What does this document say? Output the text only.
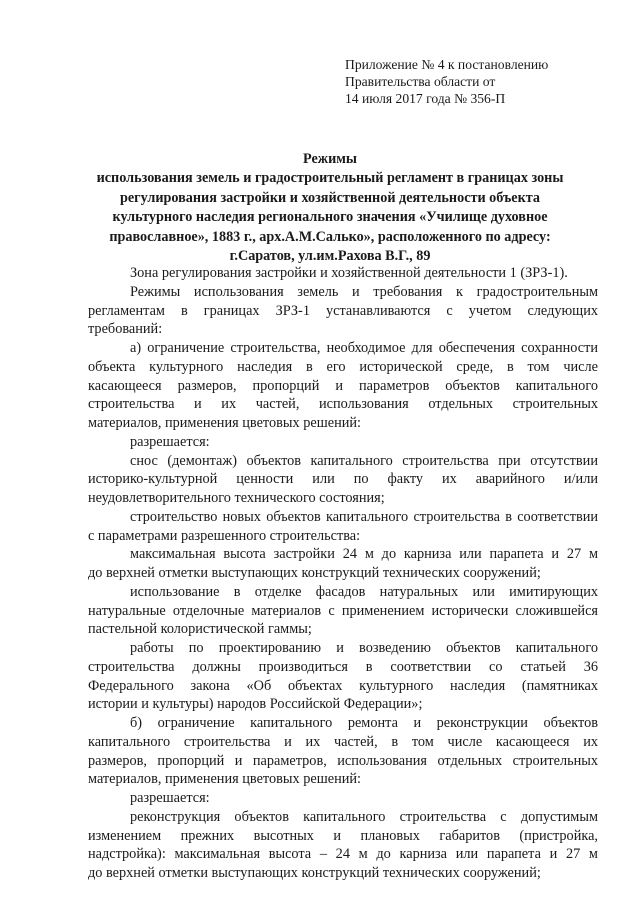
Приложение № 4 к постановлению
Правительства области от
14 июля 2017 года № 356-П
Режимы
использования земель и градостроительный регламент в границах зоны
регулирования застройки и хозяйственной деятельности объекта
культурного наследия регионального значения «Училище духовное
православное», 1883 г., арх.А.М.Салько», расположенного по адресу:
г.Саратов, ул.им.Рахова В.Г., 89
Зона регулирования застройки и хозяйственной деятельности 1 (ЗРЗ-1).
Режимы использования земель и требования к градостроительным
регламентам в границах ЗРЗ-1 устанавливаются с учетом следующих
требований:
а) ограничение строительства, необходимое для обеспечения сохранности
объекта культурного наследия в его исторической среде, в том числе
касающееся размеров, пропорций и параметров объектов капитального
строительства и их частей, использования отдельных строительных
материалов, применения цветовых решений:
разрешается:
снос (демонтаж) объектов капитального строительства при отсутствии
историко-культурной ценности или по факту их аварийного и/или
неудовлетворительного технического состояния;
строительство новых объектов капитального строительства в соответствии
с параметрами разрешенного строительства:
максимальная высота застройки 24 м до карниза или парапета и 27 м
до верхней отметки выступающих конструкций технических сооружений;
использование в отделке фасадов натуральных или имитирующих
натуральные отделочные материалов с применением исторически сложившейся
пастельной колористической гаммы;
работы по проектированию и возведению объектов капитального
строительства должны производиться в соответствии со статьей 36
Федерального закона «Об объектах культурного наследия (памятниках
истории и культуры) народов Российской Федерации»;
б) ограничение капитального ремонта и реконструкции объектов
капитального строительства и их частей, в том числе касающееся их
размеров, пропорций и параметров, использования отдельных строительных
материалов, применения цветовых решений:
разрешается:
реконструкция объектов капитального строительства с допустимым
изменением прежних высотных и плановых габаритов (пристройка,
надстройка): максимальная высота – 24 м до карниза или парапета и 27 м
до верхней отметки выступающих конструкций технических сооружений;
